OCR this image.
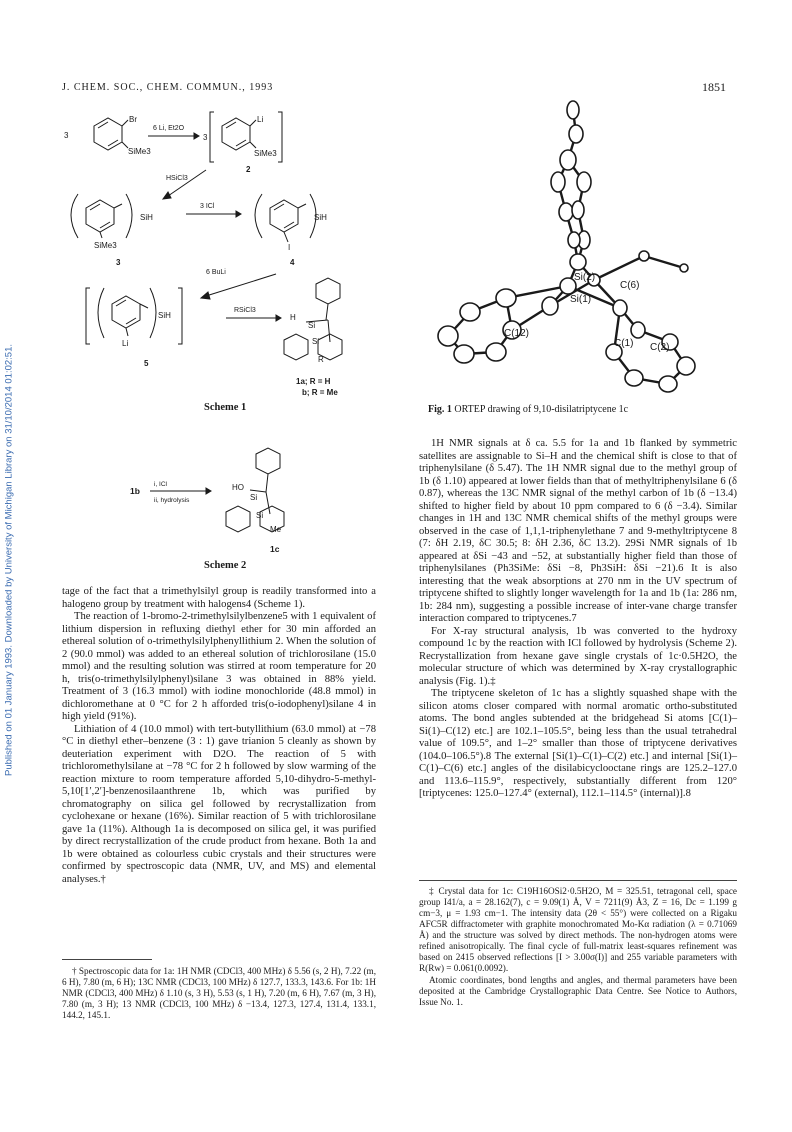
Published on 01 January 1993. Downloaded by University of Michigan Library on 31/10/2014 01:02:51.
J. CHEM. SOC., CHEM. COMMUN., 1993	1851
Br
SiMe3
3
6 Li, Et2O
3
Li
SiMe3
2
HSiCl3
SiH
SiMe3
3
3 ICl
SiH
I
4
6 BuLi
SiH
Li
5
RSiCl3
H
Si
Si
R
1a; R = H
b; R = Me
Scheme 1
1b
i, ICl
ii, hydrolysis
HO
Si
Si
Me
1c
Scheme 2
Si(2)
C(6)
Si(1)
C(12)
C(1) C(2)
Fig. 1 ORTEP drawing of 9,10-disilatriptycene 1c

tage of the fact that a trimethylsilyl group is readily transformed into a halogeno group by treatment with halogens4 (Scheme 1).

The reaction of 1-bromo-2-trimethylsilylbenzene5 with 1 equivalent of lithium dispersion in refluxing diethyl ether for 30 min afforded an ethereal solution of o-trimethylsilylphenyllithium 2. When the solution of 2 (90.0 mmol) was added to an ethereal solution of trichlorosilane (15.0 mmol) and the resulting solution was stirred at room temperature for 20 h, tris(o-trimethylsilylphenyl)silane 3 was obtained in 88% yield. Treatment of 3 (16.3 mmol) with iodine monochloride (48.8 mmol) in dichloromethane at 0 °C for 2 h afforded tris(o-iodophenyl)silane 4 in high yield (91%).

Lithiation of 4 (10.0 mmol) with tert-butyllithium (63.0 mmol) at −78 °C in diethyl ether–benzene (3 : 1) gave trianion 5 cleanly as shown by deuteriation experiment with D2O. The reaction of 5 with trichloromethylsilane at −78 °C for 2 h followed by slow warming of the reaction mixture to room temperature afforded 5,10-dihydro-5-methyl-5,10[1′,2′]-benzenosilaanthrene 1b, which was purified by chromatography on silica gel followed by recrystallization from cyclohexane or hexane (16%). Similar reaction of 5 with trichlorosilane gave 1a (11%). Although 1a is decomposed on silica gel, it was purified by direct recrystallization of the crude product from hexane. Both 1a and 1b were obtained as colourless cubic crystals and their structures were confirmed by spectroscopic data (NMR, UV, and MS) and elemental analyses.†

† Spectroscopic data for 1a: 1H NMR (CDCl3, 400 MHz) δ 5.56 (s, 2 H), 7.22 (m, 6 H), 7.80 (m, 6 H); 13C NMR (CDCl3, 100 MHz) δ 127.7, 133.3, 143.6. For 1b: 1H NMR (CDCl3, 400 MHz) δ 1.10 (s, 3 H), 5.53 (s, 1 H), 7.20 (m, 6 H), 7.67 (m, 3 H), 7.80 (m, 3 H); 13 NMR (CDCl3, 100 MHz) δ −13.4, 127.3, 127.4, 131.4, 133.1, 144.2, 145.1.

1H NMR signals at δ ca. 5.5 for 1a and 1b flanked by symmetric satellites are assignable to Si–H and the chemical shift is close to that of triphenylsilane (δ 5.47). The 1H NMR signal due to the methyl group of 1b (δ 1.10) appeared at lower fields than that of methyltriphenylsilane 6 (δ 0.87), whereas the 13C NMR signal of the methyl carbon of 1b (δ −13.4) shifted to higher field by about 10 ppm compared to 6 (δ −3.4). Similar changes in 1H and 13C NMR chemical shifts of the methyl groups were observed in the case of 1,1,1-triphenylethane 7 and 9-methyltriptycene 8 (7: δH 2.19, δC 30.5; 8: δH 2.36, δC 13.2). 29Si NMR signals of 1b appeared at δSi −43 and −52, at substantially higher field than those of triphenylsilanes (Ph3SiMe: δSi −8, Ph3SiH: δSi −21).6 It is also interesting that the weak absorptions at 270 nm in the UV spectrum of triptycene shifted to slightly longer wavelength for 1a and 1b (1a: 286 nm, 1b: 284 nm), suggesting a possible increase of inter-vane charge transfer interaction compared to triptycenes.7

For X-ray structural analysis, 1b was converted to the hydroxy compound 1c by the reaction with ICl followed by hydrolysis (Scheme 2). Recrystallization from hexane gave single crystals of 1c·0.5H2O, the molecular structure of which was determined by X-ray crystallographic analysis (Fig. 1).‡

The triptycene skeleton of 1c has a slightly squashed shape with the silicon atoms closer compared with normal aromatic ortho-substituted atoms. The bond angles subtended at the bridgehead Si atoms [C(1)–Si(1)–C(12) etc.] are 102.1–105.5°, being less than the usual tetrahedral value of 109.5°, and 1–2° smaller than those of triptycene derivatives (104.0–106.5°).8 The external [Si(1)–C(1)–C(2) etc.] and internal [Si(1)–C(1)–C(6) etc.] angles of the disilabicyclooctane rings are 125.2–127.0 and 113.6–115.9°, respectively, substantially different from 120° [triptycenes: 125.0–127.4° (external), 112.1–114.5° (internal)].8

‡ Crystal data for 1c: C19H16OSi2·0.5H2O, M = 325.51, tetragonal cell, space group I41/a, a = 28.162(7), c = 9.09(1) Å, V = 7211(9) Å3, Z = 16, Dc = 1.199 g cm−3, μ = 1.93 cm−1. The intensity data (2θ < 55°) were collected on a Rigaku AFC5R diffractometer with graphite monochromated Mo-Kα radiation (λ = 0.71069 Å) and the structure was solved by direct methods. The non-hydrogen atoms were refined anisotropically. The final cycle of full-matrix least-squares refinement was based on 2415 observed reflections [I > 3.00σ(I)] and 255 variable parameters with R(Rw) = 0.061(0.0092).

Atomic coordinates, bond lengths and angles, and thermal parameters have been deposited at the Cambridge Crystallographic Data Centre. See Notice to Authors, Issue No. 1.
